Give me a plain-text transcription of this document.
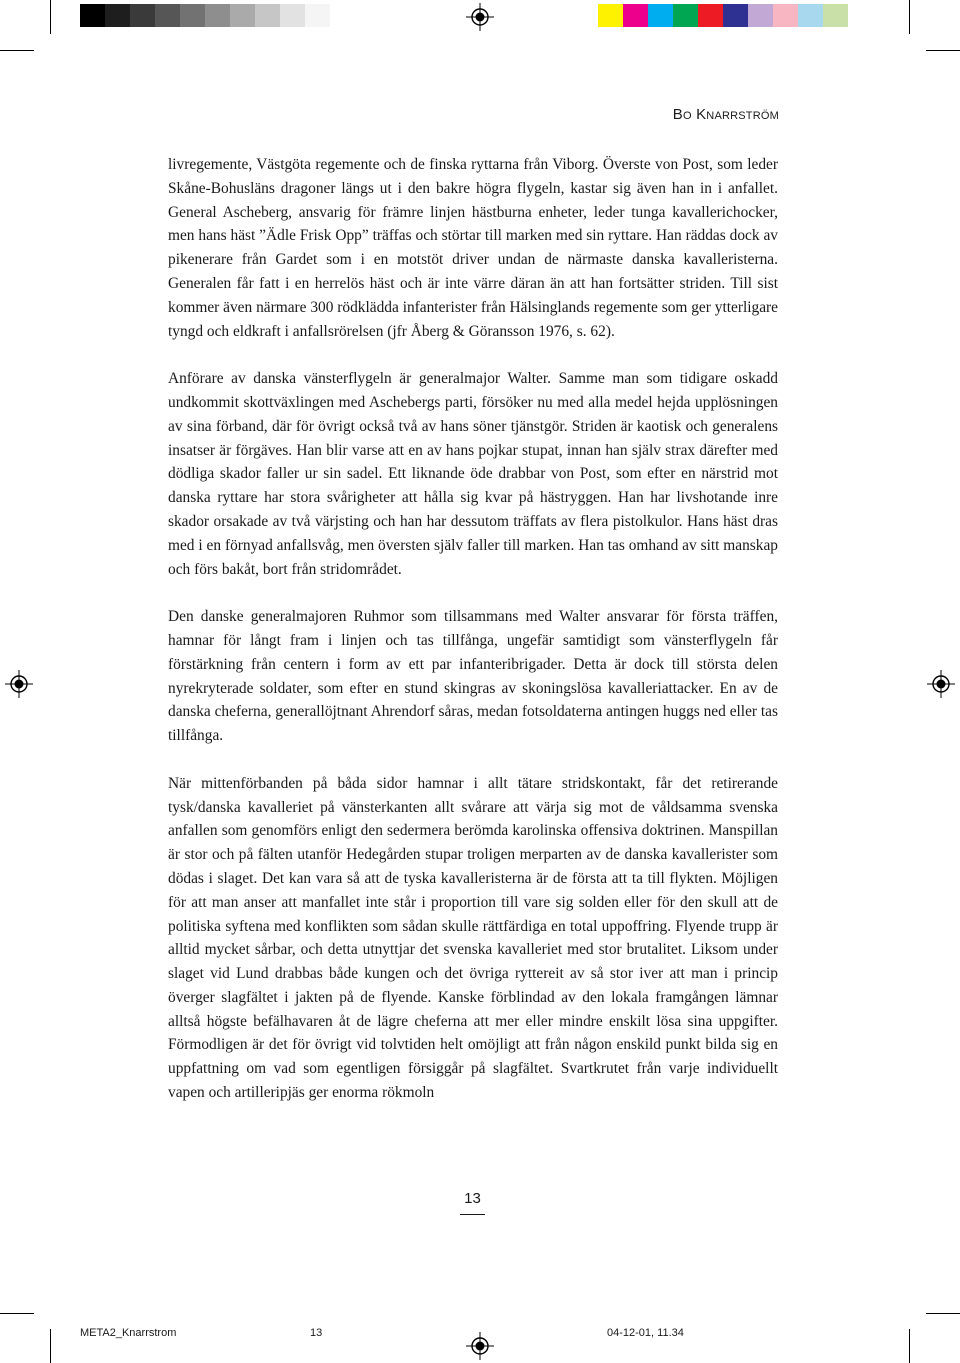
BO KNARRSTRÖM

livregemente, Västgöta regemente och de finska ryttarna från Viborg. Överste von Post, som leder Skåne-Bohusläns dragoner längs ut i den bakre högra flygeln, kastar sig även han in i anfallet. General Ascheberg, ansvarig för främre linjen hästburna enheter, leder tunga kavallerichocker, men hans häst ”Ädle Frisk Opp” träffas och störtar till marken med sin ryttare. Han räddas dock av pikenerare från Gardet som i en motstöt driver undan de närmaste danska kavalleristerna. Generalen får fatt i en herrelös häst och är inte värre däran än att han fortsätter striden. Till sist kommer även närmare 300 rödklädda infanterister från Hälsinglands regemente som ger ytterligare tyngd och eldkraft i anfallsrörelsen (jfr Åberg & Göransson 1976, s. 62).

Anförare av danska vänsterflygeln är generalmajor Walter. Samme man som tidigare oskadd undkommit skottväxlingen med Aschebergs parti, försöker nu med alla medel hejda upplösningen av sina förband, där för övrigt också två av hans söner tjänstgör. Striden är kaotisk och generalens insatser är förgäves. Han blir varse att en av hans pojkar stupat, innan han själv strax därefter med dödliga skador faller ur sin sadel. Ett liknande öde drabbar von Post, som efter en närstrid mot danska ryttare har stora svårigheter att hålla sig kvar på hästryggen. Han har livshotande inre skador orsakade av två värjsting och han har dessutom träffats av flera pistolkulor. Hans häst dras med i en förnyad anfallsvåg, men översten själv faller till marken. Han tas omhand av sitt manskap och förs bakåt, bort från stridområdet.

Den danske generalmajoren Ruhmor som tillsammans med Walter ansvarar för första träffen, hamnar för långt fram i linjen och tas tillfånga, ungefär samtidigt som vänsterflygeln får förstärkning från centern i form av ett par infanteribrigader. Detta är dock till största delen nyrekryterade soldater, som efter en stund skingras av skoningslösa kavalleriattacker. En av de danska cheferna, generallöjtnant Ahrendorf såras, medan fotsoldaterna antingen huggs ned eller tas tillfånga.

När mittenförbanden på båda sidor hamnar i allt tätare stridskontakt, får det retirerande tysk/danska kavalleriet på vänsterkanten allt svårare att värja sig mot de våldsamma svenska anfallen som genomförs enligt den sedermera berömda karolinska offensiva doktrinen. Manspillan är stor och på fälten utanför Hedegården stupar troligen merparten av de danska kavallerister som dödas i slaget. Det kan vara så att de tyska kavalleristerna är de första att ta till flykten. Möjligen för att man anser att manfallet inte står i proportion till vare sig solden eller för den skull att de politiska syftena med konflikten som sådan skulle rättfärdiga en total uppoffring. Flyende trupp är alltid mycket sårbar, och detta utnyttjar det svenska kavalleriet med stor brutalitet. Liksom under slaget vid Lund drabbas både kungen och det övriga ryttereit av så stor iver att man i princip överger slagfältet i jakten på de flyende. Kanske förblindad av den lokala framgången lämnar alltså högste befälhavaren åt de lägre cheferna att mer eller mindre enskilt lösa sina uppgifter. Förmodligen är det för övrigt vid tolvtiden helt omöjligt att från någon enskild punkt bilda sig en uppfattning om vad som egentligen försiggår på slagfältet. Svartkrutet från varje individuellt vapen och artilleripjäs ger enorma rökmoln

13
META2_Knarrstrom	13	04-12-01, 11.34
